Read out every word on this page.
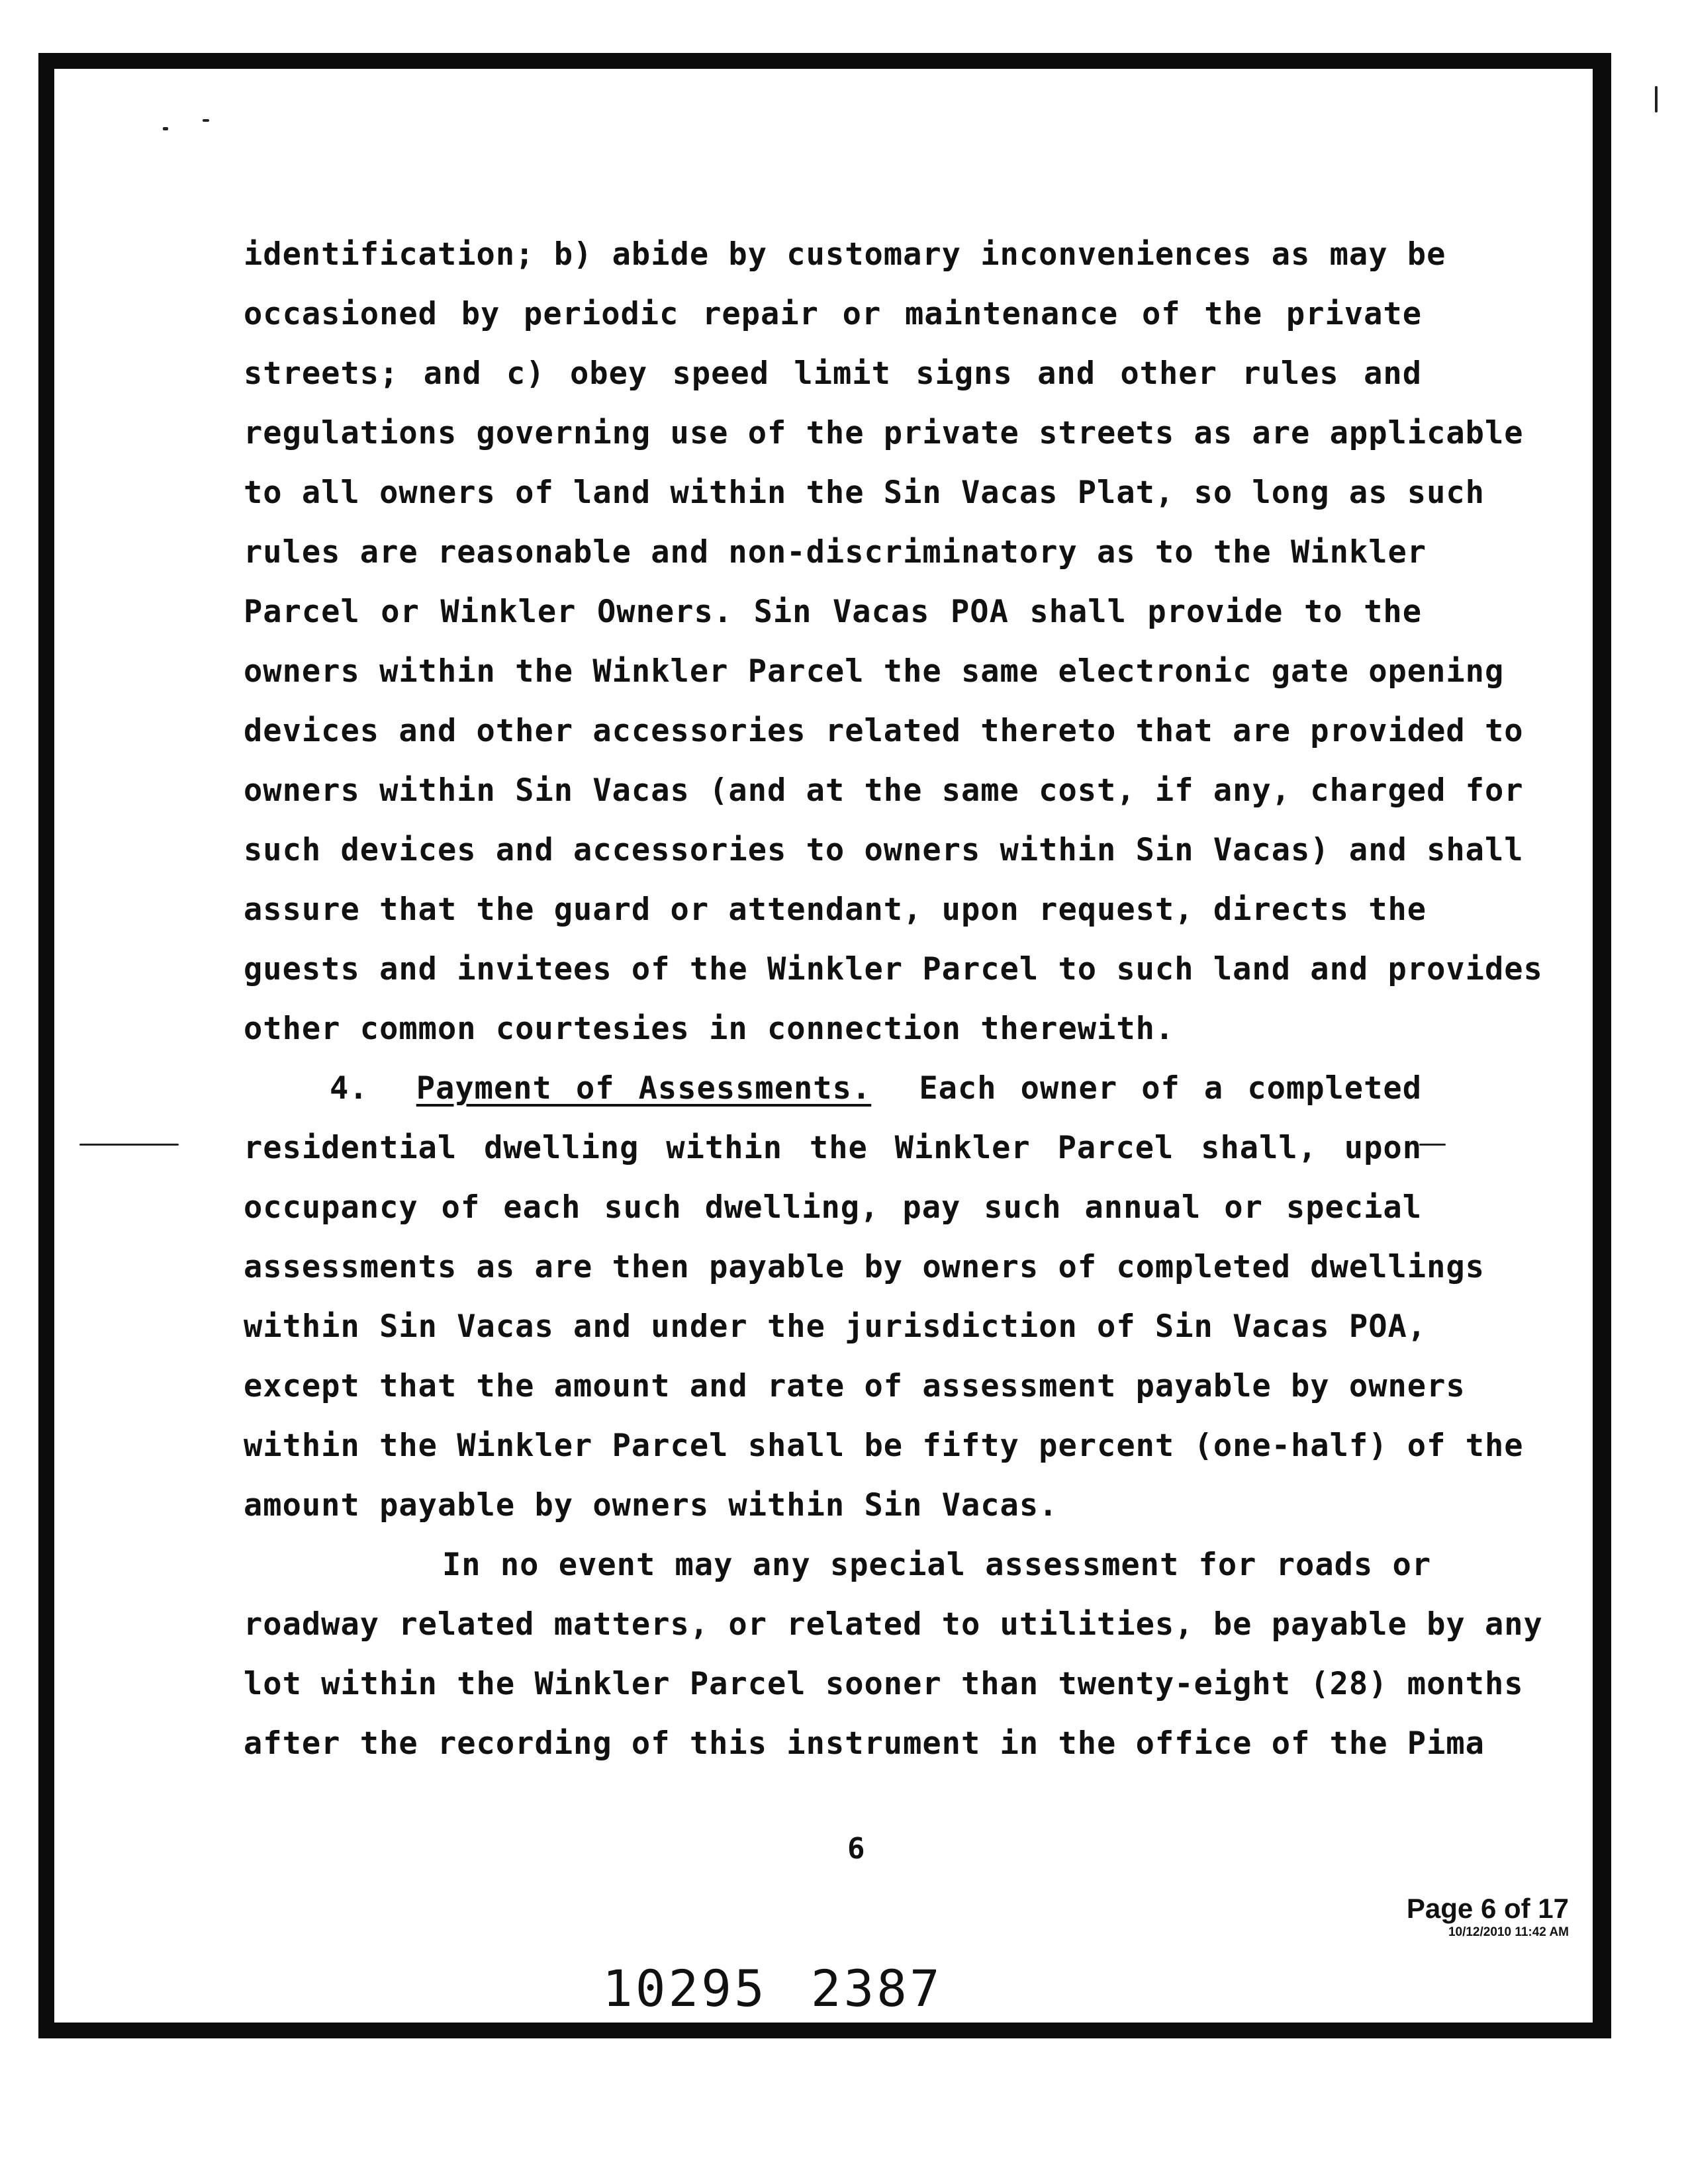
identification; b) abide by customary inconveniences as may be
occasioned by periodic repair or maintenance of the private
streets; and c) obey speed limit signs and other rules and
regulations governing use of the private streets as are applicable
to all owners of land within the Sin Vacas Plat, so long as such
rules are reasonable and non-discriminatory as to the Winkler
Parcel or Winkler Owners. Sin Vacas POA shall provide to the
owners within the Winkler Parcel the same electronic gate opening
devices and other accessories related thereto that are provided to
owners within Sin Vacas (and at the same cost, if any, charged for
such devices and accessories to owners within Sin Vacas) and shall
assure that the guard or attendant, upon request, directs the
guests and invitees of the Winkler Parcel to such land and provides
other common courtesies in connection therewith.
4. Payment of Assessments. Each owner of a completed
residential dwelling within the Winkler Parcel shall, upon
occupancy of each such dwelling, pay such annual or special
assessments as are then payable by owners of completed dwellings
within Sin Vacas and under the jurisdiction of Sin Vacas POA,
except that the amount and rate of assessment payable by owners
within the Winkler Parcel shall be fifty percent (one-half) of the
amount payable by owners within Sin Vacas.
In no event may any special assessment for roads or
roadway related matters, or related to utilities, be payable by any
lot within the Winkler Parcel sooner than twenty-eight (28) months
after the recording of this instrument in the office of the Pima
6
Page 6 of 17
10/12/2010 11:42 AM
10295 2387
